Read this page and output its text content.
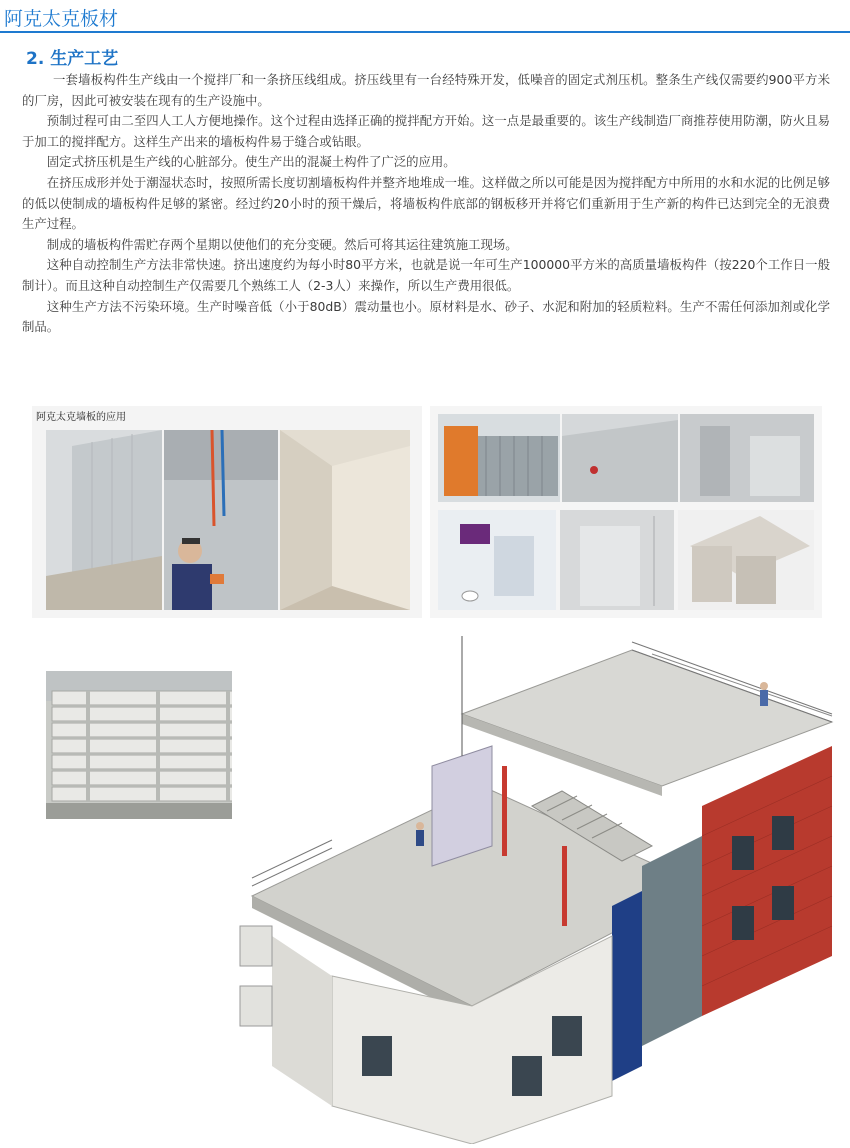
阿克太克板材
2. 生产工艺

一套墙板构件生产线由一个搅拌厂和一条挤压线组成。挤压线里有一台经特殊开发，低噪音的固定式剂压机。整条生产线仅需要约900平方米的厂房，因此可被安装在现有的生产设施中。

预制过程可由二至四人工人方便地操作。这个过程由选择正确的搅拌配方开始。这一点是最重要的。该生产线制造厂商推荐使用防潮，防火且易于加工的搅拌配方。这样生产出来的墙板构件易于缝合或钻眼。

固定式挤压机是生产线的心脏部分。使生产出的混凝土构件了广泛的应用。

在挤压成形并处于潮湿状态时，按照所需长度切割墙板构件并整齐地堆成一堆。这样做之所以可能是因为搅拌配方中所用的水和水泥的比例足够的低以使制成的墙板构件足够的紧密。经过约20小时的预干燥后，将墙板构件底部的钢板移开并将它们重新用于生产新的构件已达到完全的无浪费生产过程。

制成的墙板构件需贮存两个星期以使他们的充分变硬。然后可将其运往建筑施工现场。

这种自动控制生产方法非常快速。挤出速度约为每小时80平方米，也就是说一年可生产100000平方米的高质量墙板构件（按220个工作日一般制计）。而且这种自动控制生产仅需要几个熟练工人（2-3人）来操作，所以生产费用很低。

这种生产方法不污染环境。生产时噪音低（小于80dB）震动量也小。原材料是水、砂子、水泥和附加的轻质粒料。生产不需任何添加剂或化学制品。

阿克太克墙板的应用
